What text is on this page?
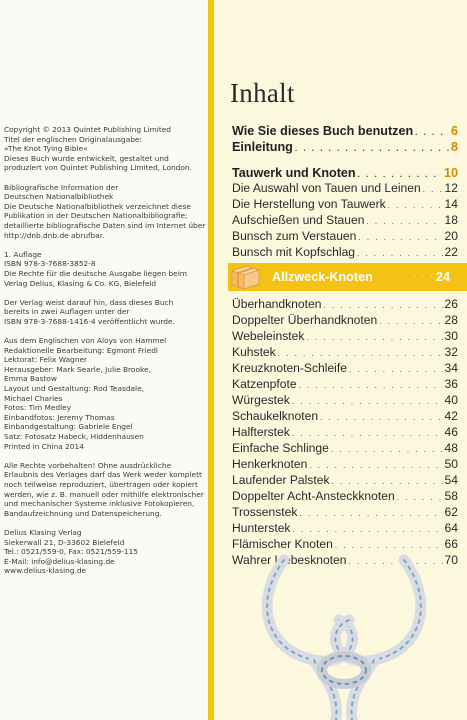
Copyright © 2013 Quintet Publishing Limited
Titel der englischen Originalausgabe:
»The Knot Tying Bible«
Dieses Buch wurde entwickelt, gestaltet und
produziert von Quintet Publishing Limited, London.
Bibliografische Information der
Deutschen Nationalbibliothek
Die Deutsche Nationalbibliothek verzeichnet diese
Publikation in der Deutschen Nationalbibliografie;
detaillierte bibliografische Daten sind im Internet über
http://dnb.dnb.de abrufbar.
1. Auflage
ISBN 978-3-7688-3852-8
Die Rechte für die deutsche Ausgabe liegen beim
Verlag Delius, Klasing & Co. KG, Bielefeld
Der Verlag weist darauf hin, dass dieses Buch
bereits in zwei Auflagen unter der
ISBN 978-3-7688-1416-4 veröffentlicht wurde.
Aus dem Englischen von Aloys von Hammel
Redaktionelle Bearbeitung: Egmont Friedl
Lektorat: Felix Wagner
Herausgeber: Mark Searle, Julie Brooke,
Emma Bastow
Layout und Gestaltung: Rod Teasdale,
Michael Charles
Fotos: Tim Medley
Einbandfotos: Jeremy Thomas
Einbandgestaltung: Gabriele Engel
Satz: Fotosatz Habeck, Hiddenhausen
Printed in China 2014
Alle Rechte vorbehalten! Ohne ausdrückliche
Erlaubnis des Verlages darf das Werk weder komplett
noch teilweise reproduziert, übertragen oder kopiert
werden, wie z. B. manuell oder mithilfe elektronischer
und mechanischer Systeme inklusive Fotokopieren,
Bandaufzeichnung und Datenspeicherung.
Delius Klasing Verlag
Siekerwall 21, D-33602 Bielefeld
Tel.: 0521/559-0, Fax: 0521/559-115
E-Mail: info@delius-klasing.de
www.delius-klasing.de
Inhalt
Wie Sie dieses Buch benutzen . . .	6
Einleitung . . .	8
Tauwerk und Knoten . . .	10
Die Auswahl von Tauen und Leinen . . . 12
Die Herstellung von Tauwerk . . .	14
Aufschießen und Stauen . . .	18
Bunsch zum Verstauen . . .	20
Bunsch mit Kopfschlag . . .	22
Allzweck-Knoten . . .	24
Überhandknoten . . .	26
Doppelter Überhandknoten . . .	28
Webeleinstek . . .	30
Kuhstek . . .	32
Kreuzknoten-Schleife . . .	34
Katzenpfote . . .	36
Würgestek . . .	40
Schaukelknoten . . .	42
Halfterstek . . .	46
Einfache Schlinge . . .	48
Henkerknoten . . .	50
Laufender Palstek . . .	54
Doppelter Acht-Ansteckknoten . . .	58
Trossenstek . . .	62
Hunterstek . . .	64
Flämischer Knoten . . .	66
Wahrer Liebesknoten . . .	70
